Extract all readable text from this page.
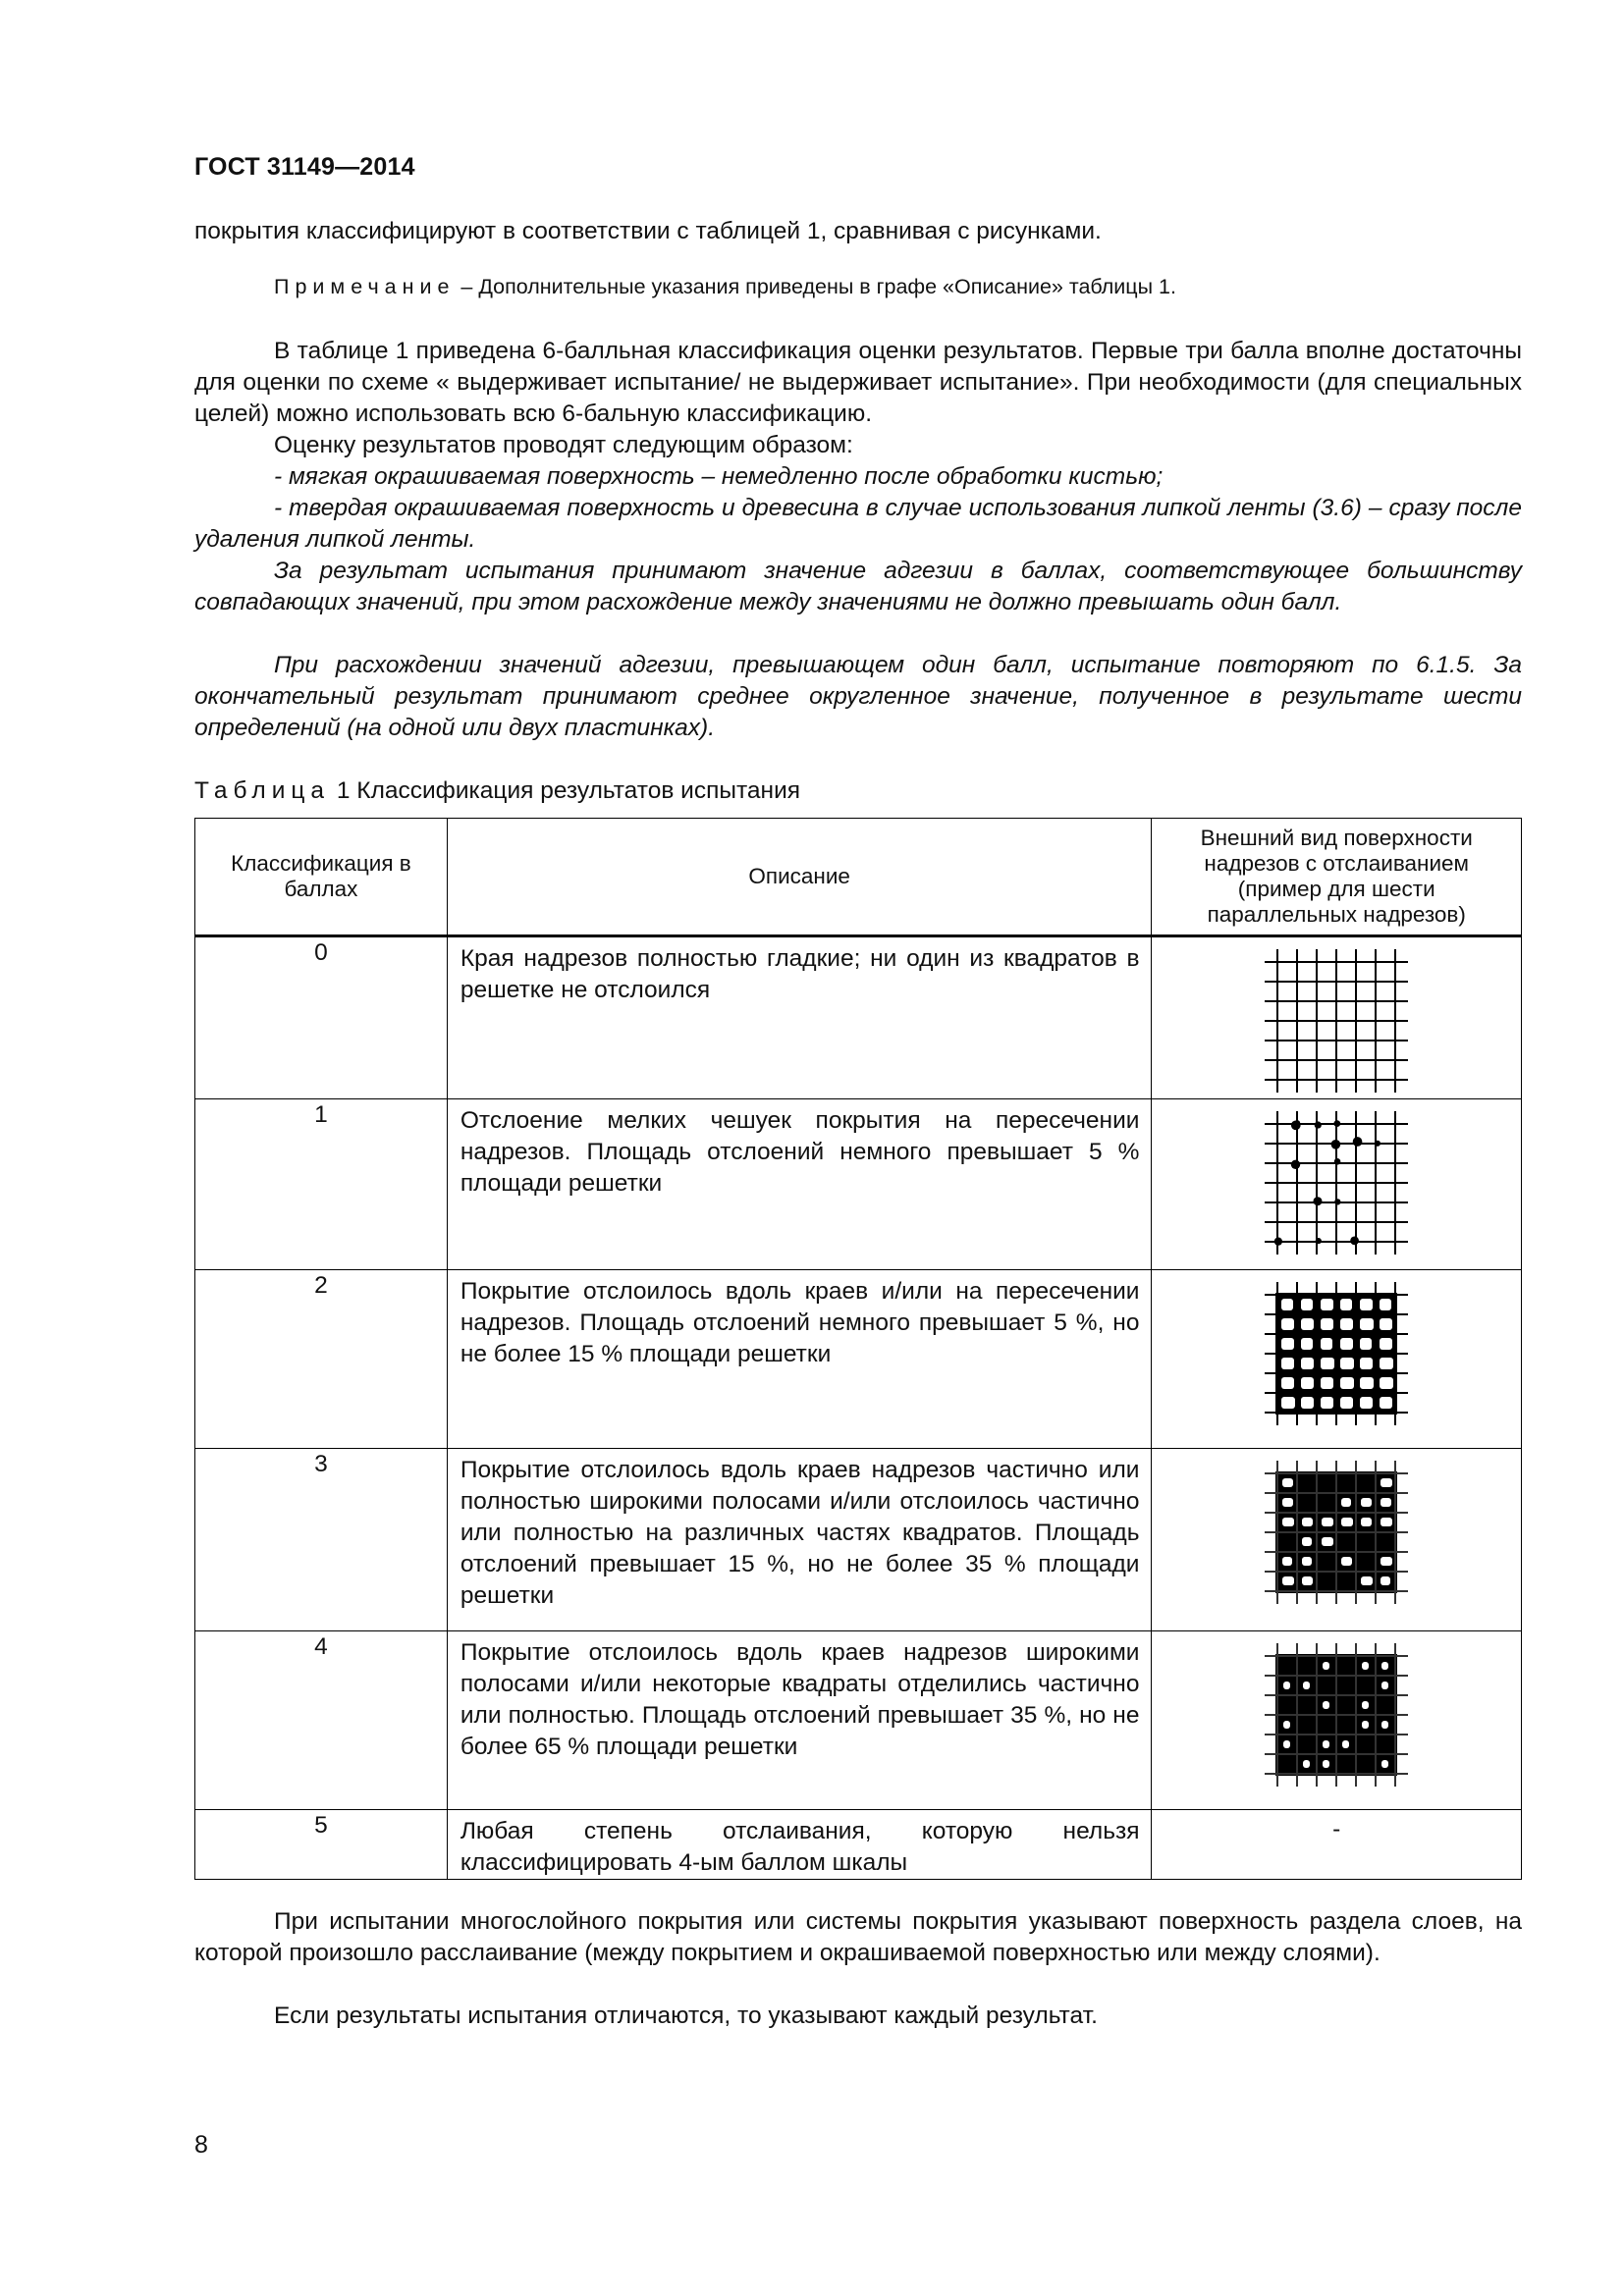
ГОСТ 31149—2014

покрытия классифицируют в соответствии с таблицей 1, сравнивая с рисунками.

Примечание – Дополнительные указания приведены в графе «Описание» таблицы 1.

В таблице 1 приведена 6-балльная классификация оценки результатов. Первые три балла вполне достаточны для оценки по схеме « выдерживает испытание/ не выдерживает испытание». При необходимости (для специальных целей) можно использовать всю 6-бальную классификацию.

Оценку результатов проводят следующим образом:

- мягкая окрашиваемая поверхность – немедленно после обработки кистью;

- твердая окрашиваемая поверхность и древесина в случае использования липкой ленты (3.6) – сразу после удаления липкой ленты.

За результат испытания принимают значение адгезии в баллах, соответствующее большинству совпадающих значений, при этом расхождение между значениями не должно превышать один балл.

При расхождении значений адгезии, превышающем один балл, испытание повторяют по 6.1.5. За окончательный результат принимают среднее округленное значение, полученное в результате шести определений (на одной или двух пластинках).

Таблица 1 Классификация результатов испытания
Классификация в баллах	Описание	Внешний вид поверхности надрезов с отслаиванием (пример для шести параллельных надрезов)

0	Края надрезов полностью гладкие; ни один из квадратов в решетке не отслоился

1	Отслоение мелких чешуек покрытия на пересечении надрезов. Площадь отслоений немного превышает 5 % площади решетки

2	Покрытие отслоилось вдоль краев и/или на пересечении надрезов. Площадь отслоений немного превышает 5 %, но не более 15 % площади решетки

3	Покрытие отслоилось вдоль краев надрезов частично или полностью широкими полосами и/или отслоилось частично или полностью на различных частях квадратов. Площадь отслоений превышает 15 %, но не более 35 % площади решетки

4	Покрытие отслоилось вдоль краев надрезов широкими полосами и/или некоторые квадраты отделились частично или полностью. Площадь отслоений превышает 35 %, но не более 65 % площади решетки

5	Любая степень отслаивания, которую нельзя классифицировать 4-ым баллом шкалы	-

При испытании многослойного покрытия или системы покрытия указывают поверхность раздела слоев, на которой произошло расслаивание (между покрытием и окрашиваемой поверхностью или между слоями).

Если результаты испытания отличаются, то указывают каждый результат.

8
